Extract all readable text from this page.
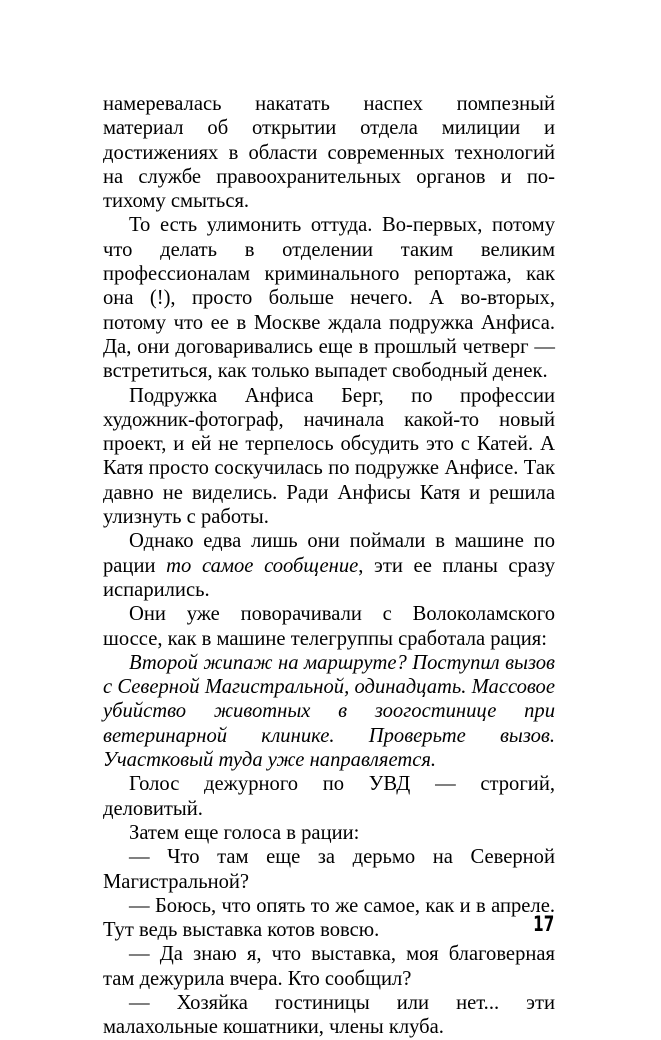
намеревалась накатать наспех помпезный материал об открытии отдела милиции и достижениях в области современных технологий на службе правоохранительных органов и по-тихому смыться.

То есть улимонить оттуда. Во-первых, потому что делать в отделении таким великим профессионалам криминального репортажа, как она (!), просто больше нечего. А во-вторых, потому что ее в Москве ждала подружка Анфиса. Да, они договаривались еще в прошлый четверг — встретиться, как только выпадет свободный денек.

Подружка Анфиса Берг, по профессии художник-фотограф, начинала какой-то новый проект, и ей не терпелось обсудить это с Катей. А Катя просто соскучилась по подружке Анфисе. Так давно не виделись. Ради Анфисы Катя и решила улизнуть с работы.

Однако едва лишь они поймали в машине по рации то самое сообщение, эти ее планы сразу испарились.

Они уже поворачивали с Волоколамского шоссе, как в машине телегруппы сработала рация:

Второй жипаж на маршруте? Поступил вызов с Северной Магистральной, одинадцать. Массовое убийство животных в зоогостинице при ветеринарной клинике. Проверьте вызов. Участковый туда уже направляется.

Голос дежурного по УВД — строгий, деловитый.

Затем еще голоса в рации:

— Что там еще за дерьмо на Северной Магистральной?

— Боюсь, что опять то же самое, как и в апреле. Тут ведь выставка котов вовсю.

— Да знаю я, что выставка, моя благоверная там дежурила вчера. Кто сообщил?

— Хозяйка гостиницы или нет... эти малахольные кошатники, члены клуба.

17
